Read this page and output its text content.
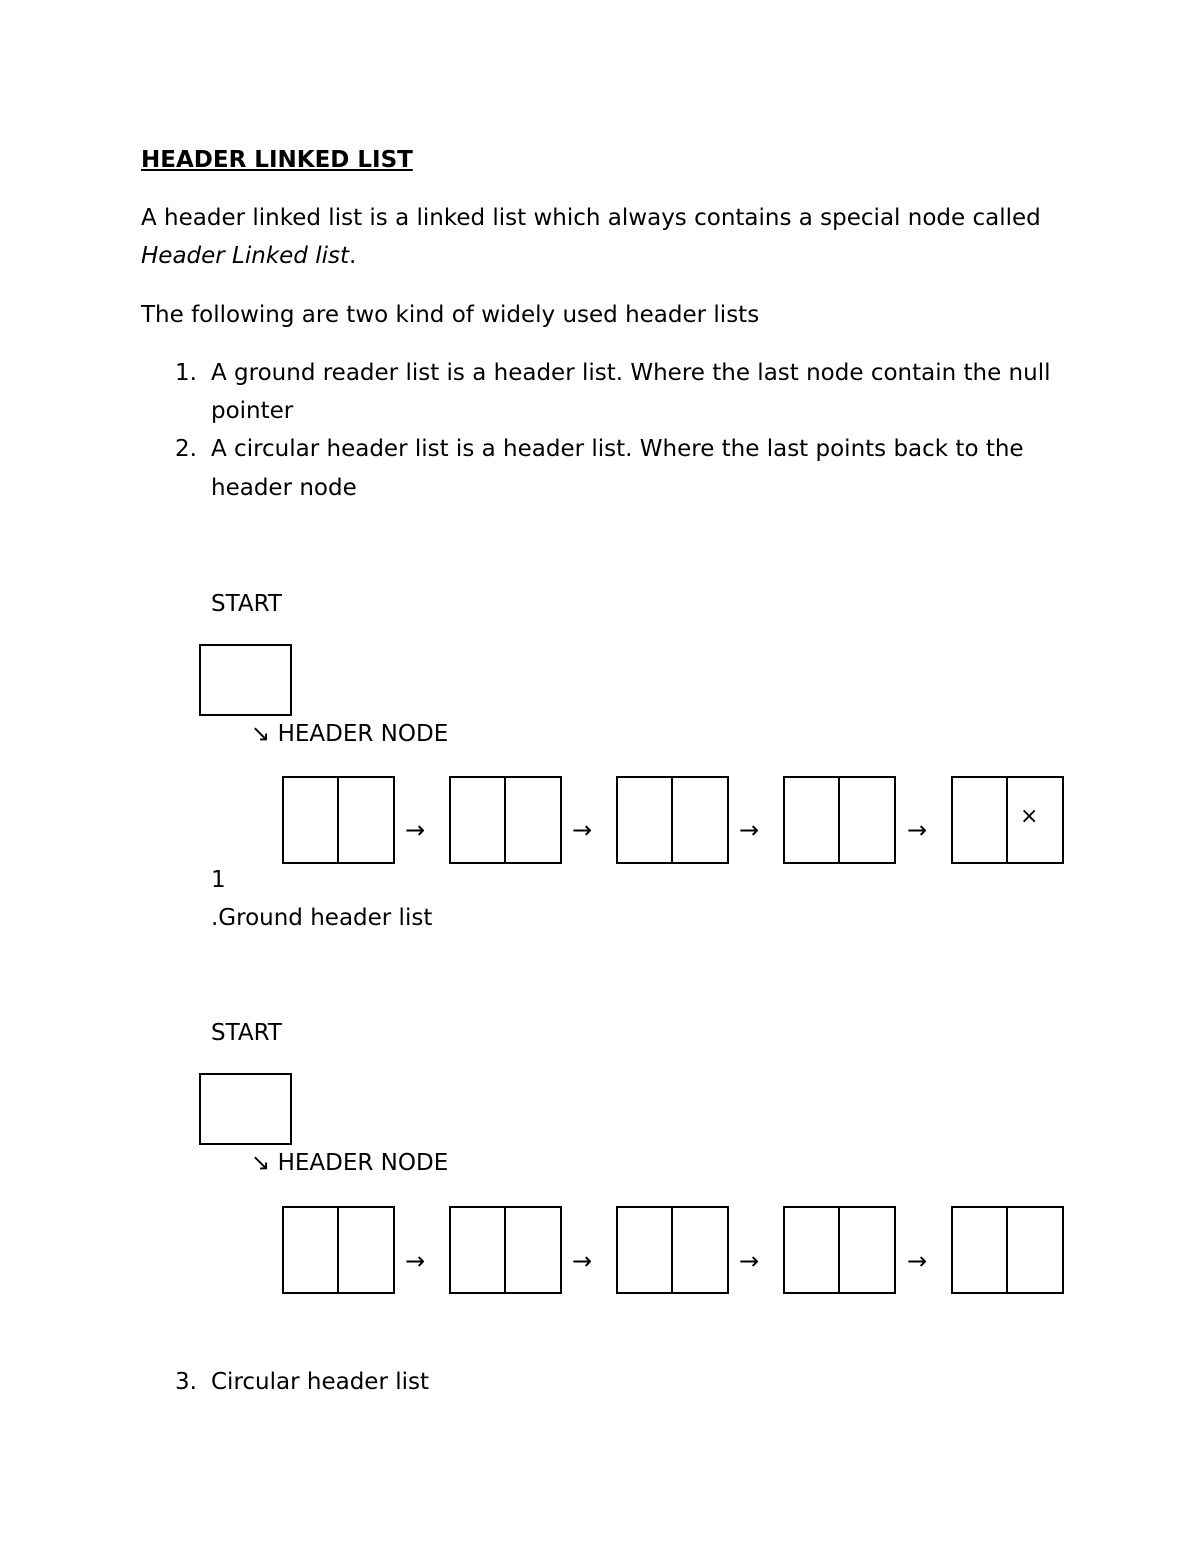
HEADER LINKED LIST
A header linked list is a linked list which always contains a special node called
Header Linked list.
The following are two kind of widely used header lists
1. A ground reader list is a header list. Where the last node contain the null
pointer
2. A circular header list is a header list. Where the last points back to the
header node
START
↘ HEADER NODE
→	→	→	→	×
1
.Ground header list
START
↘ HEADER NODE
→	→	→	→
3. Circular header list
